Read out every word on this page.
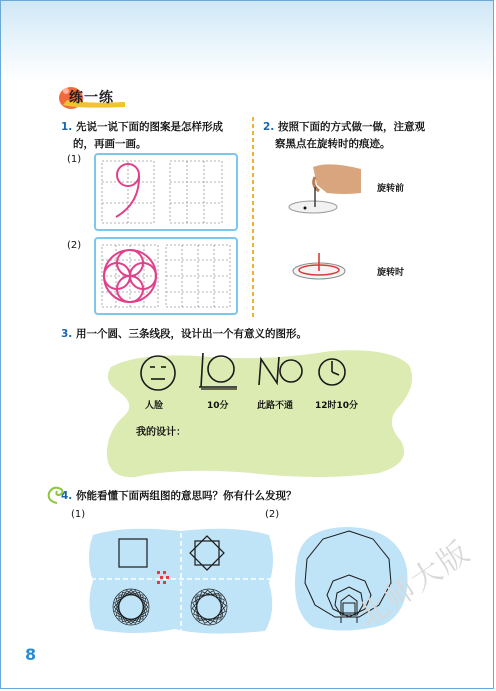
练一练
1. 先说一说下面的图案是怎样形成
的，再画一画。
(1)
(2)
2. 按照下面的方式做一做，注意观
察黑点在旋转时的痕迹。
旋转前
旋转时
3. 用一个圆、三条线段，设计出一个有意义的图形。
人脸	10分	此路不通 12时10分
我的设计：
4. 你能看懂下面两组图的意思吗？你有什么发现？
(1)	(2)
8
北师大版
